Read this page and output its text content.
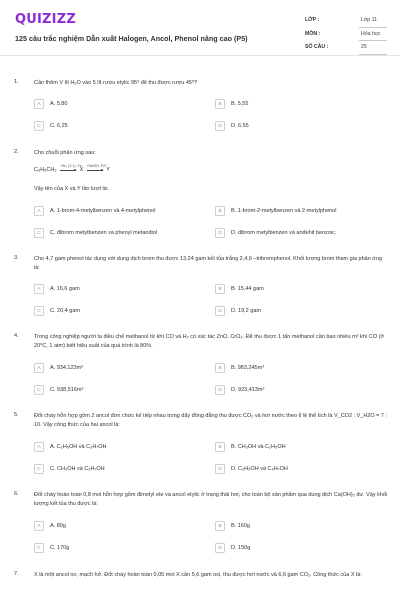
QUIZIZZ
125 câu trắc nghiệm Dẫn xuất Halogen, Ancol, Phenol nâng cao (P5)
LỚP :	Lớp 11
MÔN :	Hóa học
SỐ CÂU :	25
1.	Cần thêm V lít H₂O vào 5 lít rượu etylic 95⁰ để thu được rượu 45⁰?
A	A. 5,80	B	B. 5,55
C	C. 6,25	D	D. 6,55
2.	Cho chuỗi phản ứng sau:
C₆H₅CH₃
+Br₂ (1:1), Fe
X
+NaOH, P/t°
Y
Vậy tên của X và Y lần lượt là:
A	A. 1-brom-4-metylbenzen và 4-metylphenol	B	B. 1-brom-2-metylbenzen và 2-metylphenol
C	C. đibrom metylbenzen và phenyl metandiol	D	D. đibrom metylbenzen và anđehit benzoic.
3.	Cho 4,7 gam phenol tác dụng với dung dịch brom thu được 13,24 gam kết tủa trắng 2,4,6 –tribromphenol. Khối lượng brom tham gia phản ứng là:
A	A. 16,6 gam	B	B. 15,44 gam
C	C. 20,4 gam	D	D. 19,2 gam
4.	Trong công nghiệp người ta điều chế methanol từ khí CO và H₂ có xúc tác ZnO, CrO₃. Để thu được 1 tấn methanol cần bao nhiêu m³ khí CO (ở 20⁰C, 1 atm) biết hiệu suất của quá trình là 80%.
A	A. 934,123m³	B	B. 983,245m³
C	C. 938,516m³	D	D. 923,413m³
5.	Đốt cháy hỗn hợp gồm 2 ancol đơn chức kế tiếp nhau trong dãy đồng đẳng thu được CO₂ và hơi nước theo tỉ lệ thể tích là V_CO2 : V_H2O = 7 : 10. Vậy công thức của hai ancol là:
A	A. C₂H₅OH và C₃H₇OH	B	B. CH₃OH và C₂H₅OH
C	C. CH₃OH và C₃H₇OH	D	D. C₃H₅OH và C₄H₇OH
6.	Đốt cháy hoàn toàn 0,8 mol hỗn hợp gồm đimetyl ete và ancol etylic ở trạng thái hơi, cho toàn bộ sản phẩm qua dung dịch Ca(OH)₂ dư. Vậy khối lượng kết tủa thu được là:
A	A. 80g	B	B. 160g
C	C. 170g	D	D. 150g
7.	X là một ancol no, mạch hở. Đốt cháy hoàn toàn 0,05 mol X cần 5,6 gam oxi, thu được hơi nước và 6,6 gam CO₂. Công thức của X là:
